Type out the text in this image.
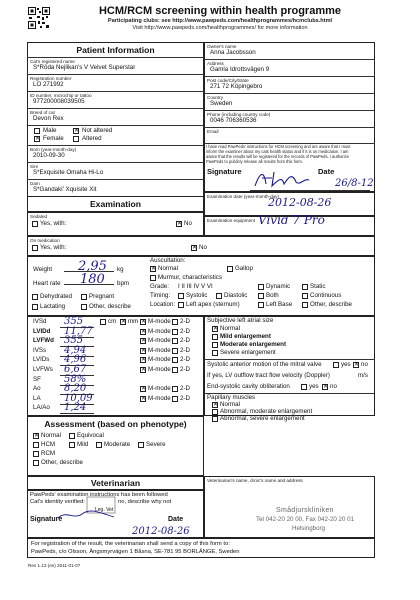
HCM/RCM screening within health programme
Participating clubs: see http://www.pawpeds.com/healthprogrammes/hcmclubs.html
Visit http://www.pawpeds.com/healthprogrammes/ for more information
Patient Information
Cat's registered name
S*Rōda Nejlikan's V Velvet Superstar
Registration number
LO 271992
ID number, microchip or tattoo
977200008039505
Breed of cat
Devon Rex
Male	✕ Not altered
✕ Female	Altered
Born (year-month-day)
2010-09-30
Sire
S*Exquisite Omaha Hi-Lo
Dam
S*Gandaki' Xquisite Xit
Owner's name
Anna Jacobsson
Address
Gamla Idrottsvägen 9
Post code/City/State
271 72 Köpingebro
Country
Sweden
Phone (including country code)
0046 706360536
Email
I have read PawPeds' instructions for HCM screening and are aware that I must
inform the examiner about my cats health status and if it is on medication. I am
aware that the results will be registered for the records of PawPeds. I authorize
PawPeds to publicly release all results from this form.
Signature	Date
26/8-12
Examination
Examination date (year-month-day)
2012-08-26
Examination equipment Vivid 7 Pro
Sedated
Yes, with:	✕ No
On medication
Yes, with:	✕ No
Weight 2,95 kg
Heart rate 180 bpm
Dehydrated	Pregnant
Lactating	Other, describe
Auscultation:
✕ Normal	Gallop
Murmur, characteristics
Grade: I II III IV V VI	Dynamic	Static
Timing:	Systolic	Diastolic	Both	Continuous
Location: Left apex (sternum)	Left Base	Other, describe
IVSd 355	cm ✕ mm ✕ M-mode 2-D
LVIDd 11,77	✕ M-mode 2-D
LVFWd 355	✕ M-mode 2-D
IVSs 4,94	✕ M-mode 2-D
LVIDs 4,96	✕ M-mode 2-D
LVFWs 6,67	✕ M-mode 2-D
SF 58%
Ao 8,20	✕ M-mode 2-D
LA 10,09	✕ M-mode 2-D
LA/Ao 1,24
Subjective left atrial size
✕ Normal
Mild enlargement
Moderate enlargement
Severe enlargement
Systolic anterior motion of the mitral valve	yes ✕ no
If yes, LV outflow tract flow velocity (Doppler)	m/s
End-systolic cavity obliteration	yes ✕ no
Papillary muscles
✕ Normal
Abnormal, moderate enlargement
Abnormal, severe enlargement
Assessment (based on phenotype)
✕ Normal	Equivocal
HCM	Mild	Moderate	Severe
RCM
Other, describe
Veterinarian
PawPeds' examination instructions has been followed
Cat's identity verified:	no, describe why not
Leg. Vet
Signature	Date
2012-08-26
Veterinarian's name, clinic's name and address
Smådjurskliniken
Tel 042-20 20 00, Fax 042-20 20 01
Helsingborg
For registration of the result, the veterinarian shall send a copy of this form to:
PawPeds, c/o Olsson, Ängsmyrvägen 1 Båsna, SE-781 95 BORLÄNGE, Sweden
Rev 1.13 (en) 2011-01-07
